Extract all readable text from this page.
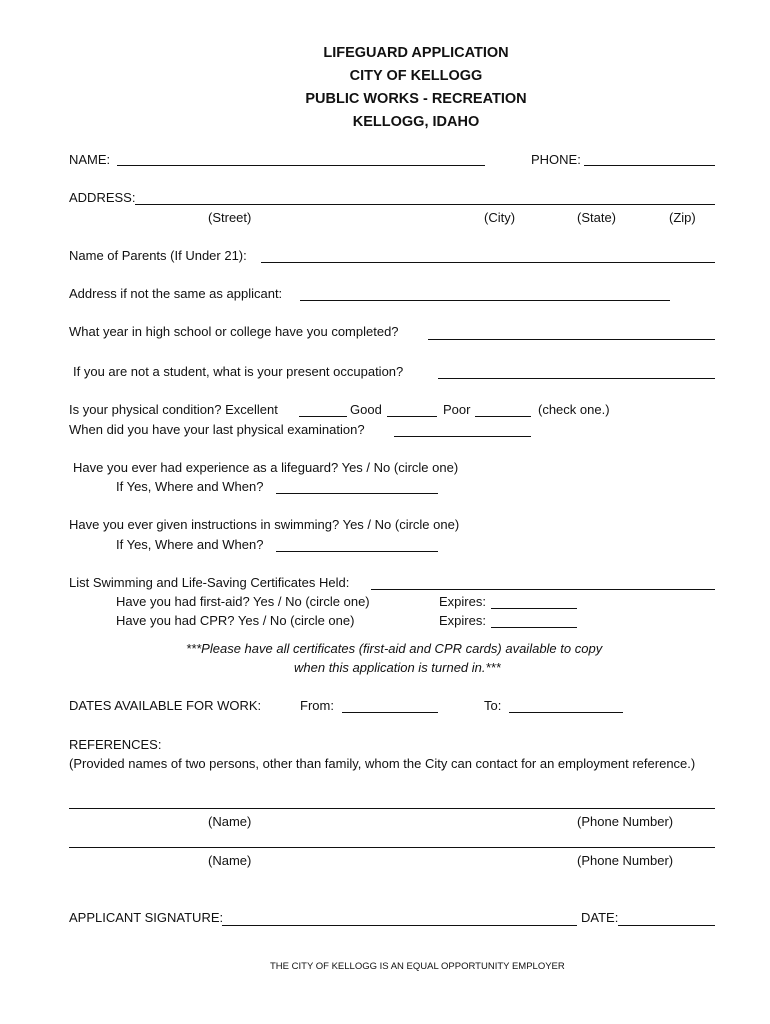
LIFEGUARD APPLICATION
CITY OF KELLOGG
PUBLIC WORKS - RECREATION
KELLOGG, IDAHO
NAME:	PHONE:
ADDRESS:
(Street)	(City)	(State)	(Zip)
Name of Parents (If Under 21):
Address if not the same as applicant:
What year in high school or college have you completed?
If you are not a student, what is your present occupation?
Is your physical condition? Excellent	Good	Poor	(check one.)
When did you have your last physical examination?
Have you ever had experience as a lifeguard? Yes / No (circle one)
If Yes, Where and When?
Have you ever given instructions in swimming? Yes / No (circle one)
If Yes, Where and When?
List Swimming and Life-Saving Certificates Held:
Have you had first-aid? Yes / No (circle one)	Expires:
Have you had CPR? Yes / No (circle one)	Expires:
***Please have all certificates (first-aid and CPR cards) available to copy
when this application is turned in.***
DATES AVAILABLE FOR WORK:	From:	To:
REFERENCES:
(Provided names of two persons, other than family, whom the City can contact for an employment reference.)
(Name)	(Phone Number)
(Name)	(Phone Number)
APPLICANT SIGNATURE:	DATE:
THE CITY OF KELLOGG IS AN EQUAL OPPORTUNITY EMPLOYER
